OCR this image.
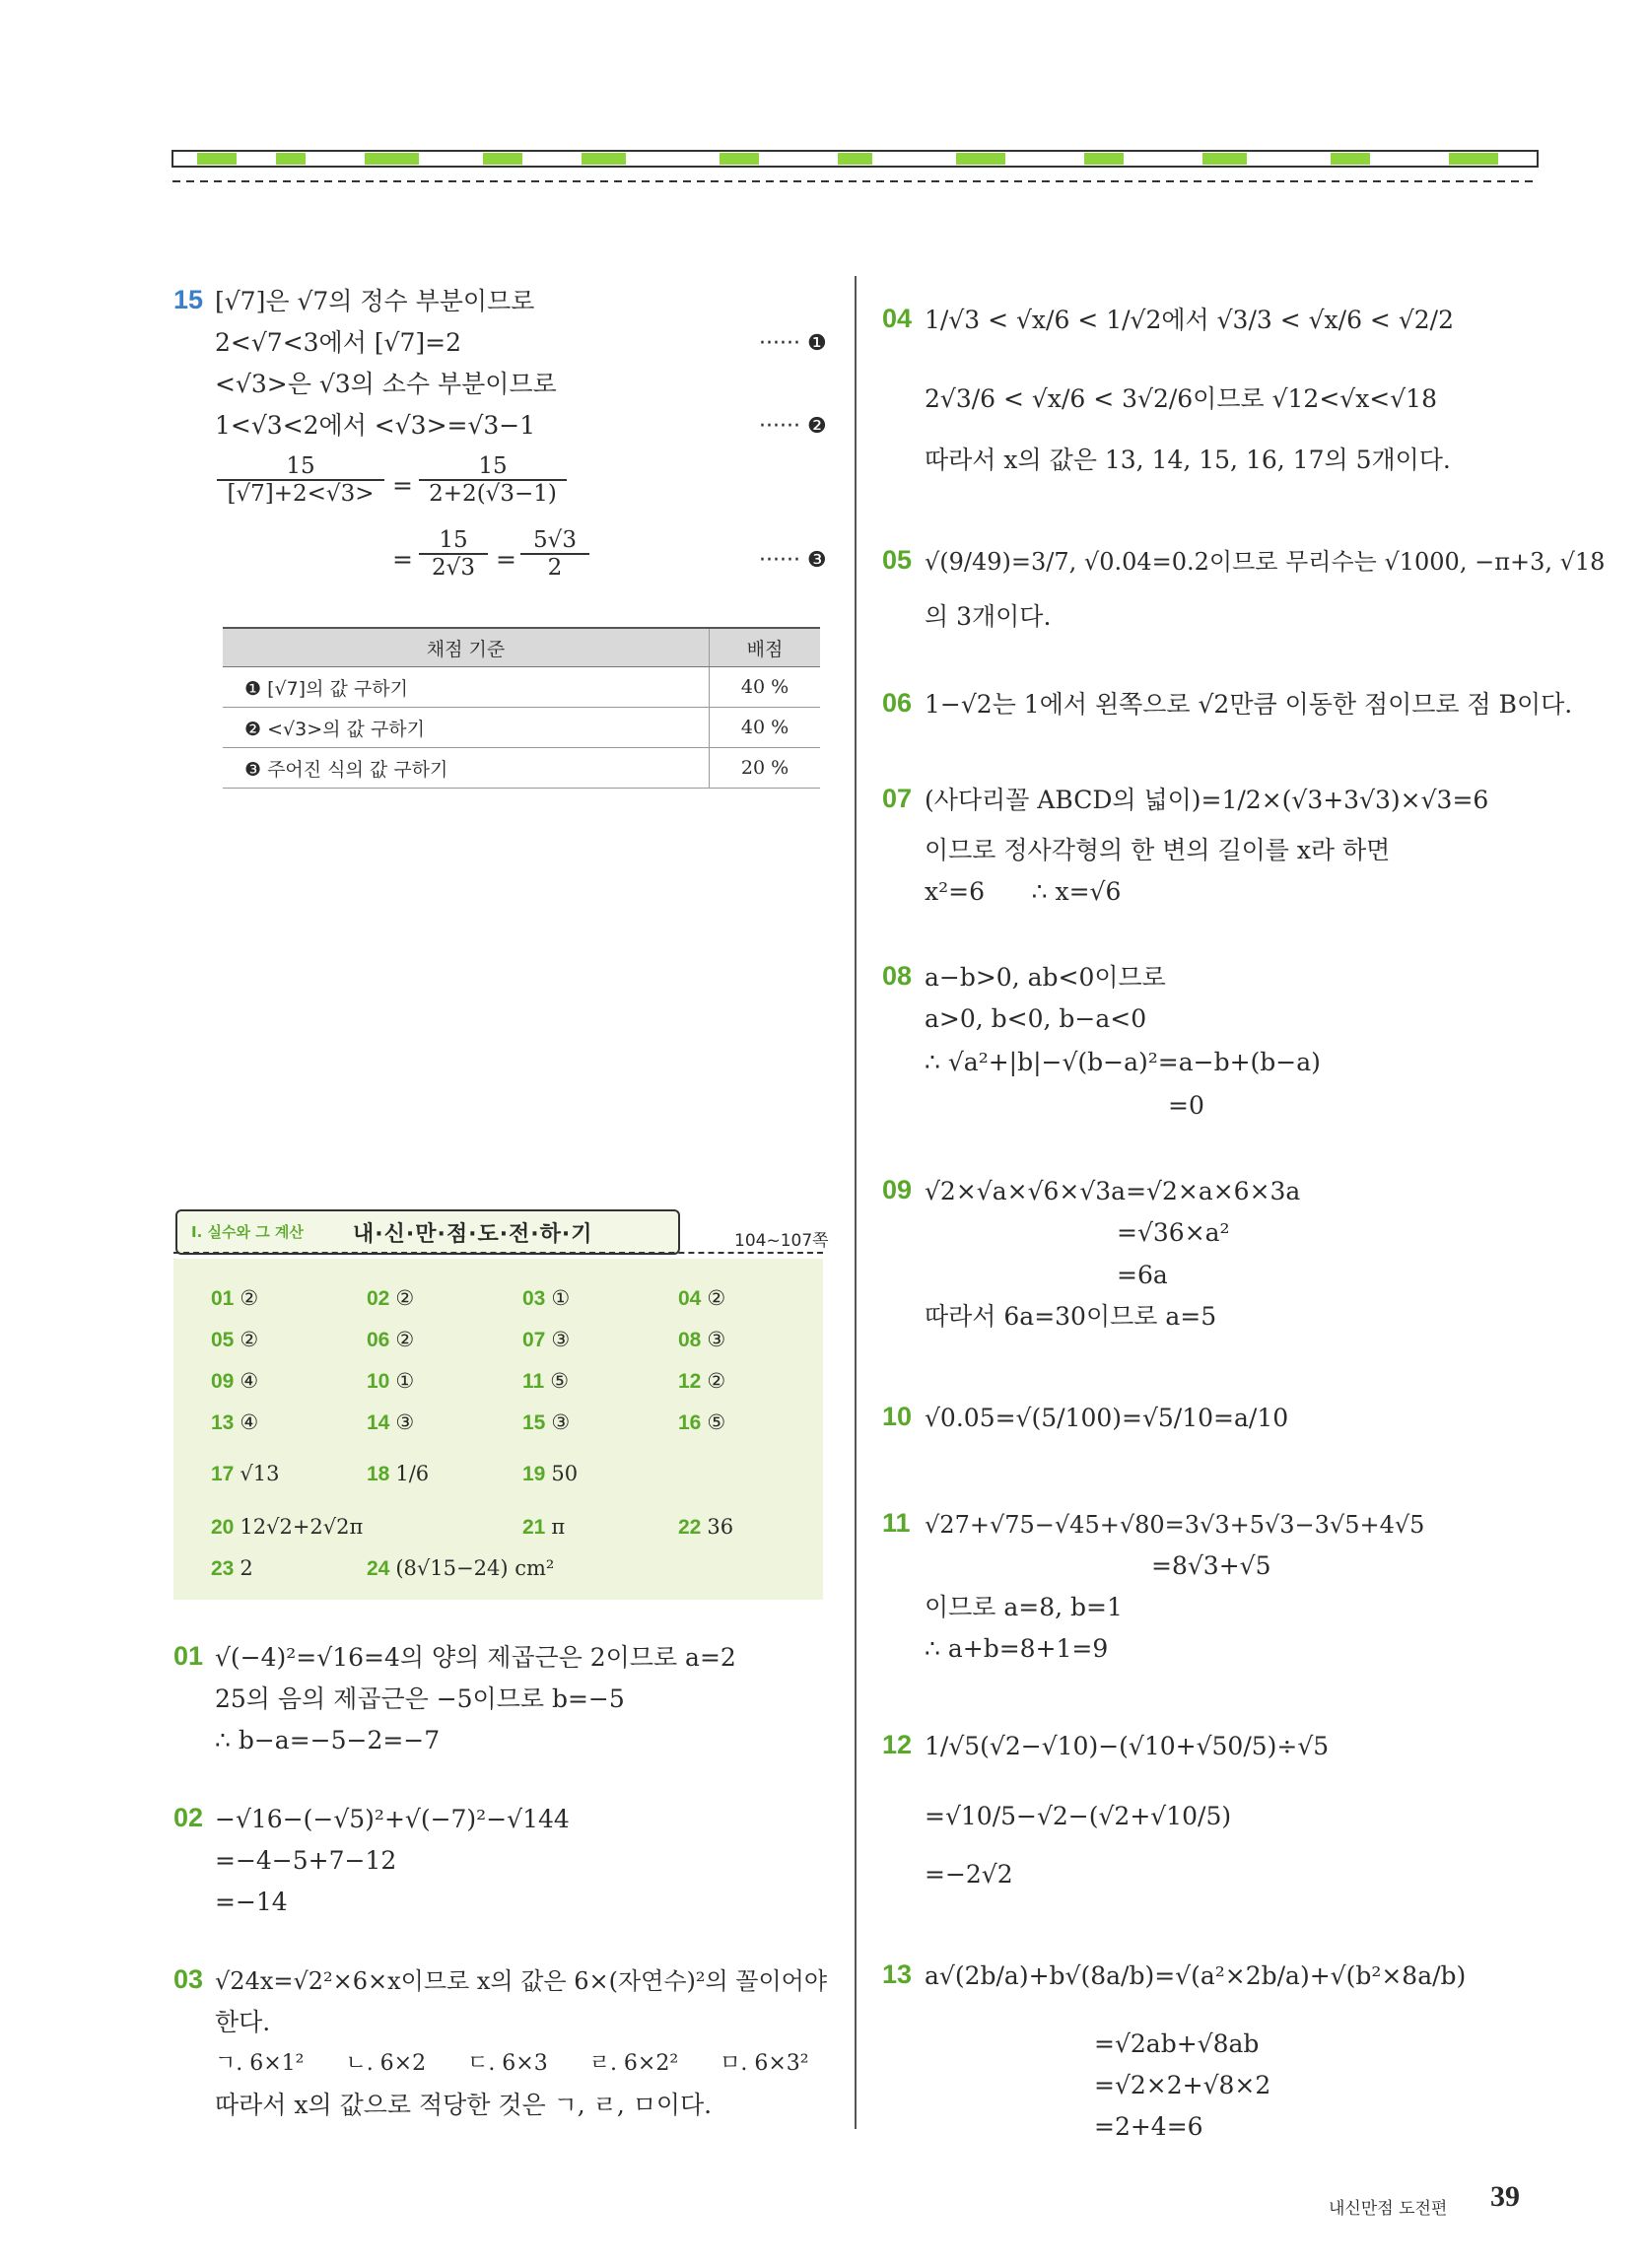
15 [√7]은 √7의 정수 부분이므로
2<√7<3에서 [√7]=2	······ ❶
<√3>은 √3의 소수 부분이므로
1<√3<2에서 <√3>=√3−1	······ ❷
$\frac{15}{[√7]+2<√3>} = \frac{15}{2+2(√3-1)}$
= $\frac{15}{2√3} = \frac{5√3}{2}$	······ ❸
채점 기준	배점
❶ [√7]의 값 구하기	40 %
❷ <√3>의 값 구하기	40 %
❸ 주어진 식의 값 구하기	20 %
I. 실수와 그 계산 내·신·만·점·도·전·하·기	104~107쪽
01 ②	02 ②	03 ①	04 ②
05 ②	06 ②	07 ③	08 ③
09 ④	10 ①	11 ⑤	12 ②
13 ④	14 ③	15 ③	16 ⑤
17 √13	18 1/6	19 50
20 12√2+2√2π	21 π	22 36
23 2	24 (8√15−24) cm²
01 √(−4)²=√16=4의 양의 제곱근은 2이므로 a=2
25의 음의 제곱근은 −5이므로 b=−5
∴ b−a=−5−2=−7
02 −√16−(−√5)²+√(−7)²−√144
=−4−5+7−12
=−14
03 √24x=√2²×6×x이므로 x의 값은 6×(자연수)²의 꼴이어야
한다.
ㄱ. 6×1²      ㄴ. 6×2      ㄷ. 6×3      ㄹ. 6×2²      ㅁ. 6×3²
따라서 x의 값으로 적당한 것은 ㄱ, ㄹ, ㅁ이다.
04 1/√3 < √x/6 < 1/√2에서 √3/3 < √x/6 < √2/2
2√3/6 < √x/6 < 3√2/6이므로 √12<√x<√18
따라서 x의 값은 13, 14, 15, 16, 17의 5개이다.
05 √(9/49)=3/7, √0.04=0.2이므로 무리수는 √1000, −π+3, √18
의 3개이다.
06 1−√2는 1에서 왼쪽으로 √2만큼 이동한 점이므로 점 B이다.
07 (사다리꼴 ABCD의 넓이)=1/2×(√3+3√3)×√3=6
이므로 정사각형의 한 변의 길이를 x라 하면
x²=6      ∴ x=√6
08 a−b>0, ab<0이므로
a>0, b<0, b−a<0
∴ √a²+|b|−√(b−a)²=a−b+(b−a)
=0
09 √2×√a×√6×√3a=√2×a×6×3a
=√36×a²
=6a
따라서 6a=30이므로 a=5
10 √0.05=√(5/100)=√5/10=a/10
11 √27+√75−√45+√80=3√3+5√3−3√5+4√5
=8√3+√5
이므로 a=8, b=1
∴ a+b=8+1=9
12 1/√5(√2−√10)−(√10+√50/5)÷√5
=√10/5−√2−(√2+√10/5)
=−2√2
13 a√(2b/a)+b√(8a/b)=√(a²×2b/a)+√(b²×8a/b)
=√2ab+√8ab
=√2×2+√8×2
=2+4=6
내신만점 도전편 39
